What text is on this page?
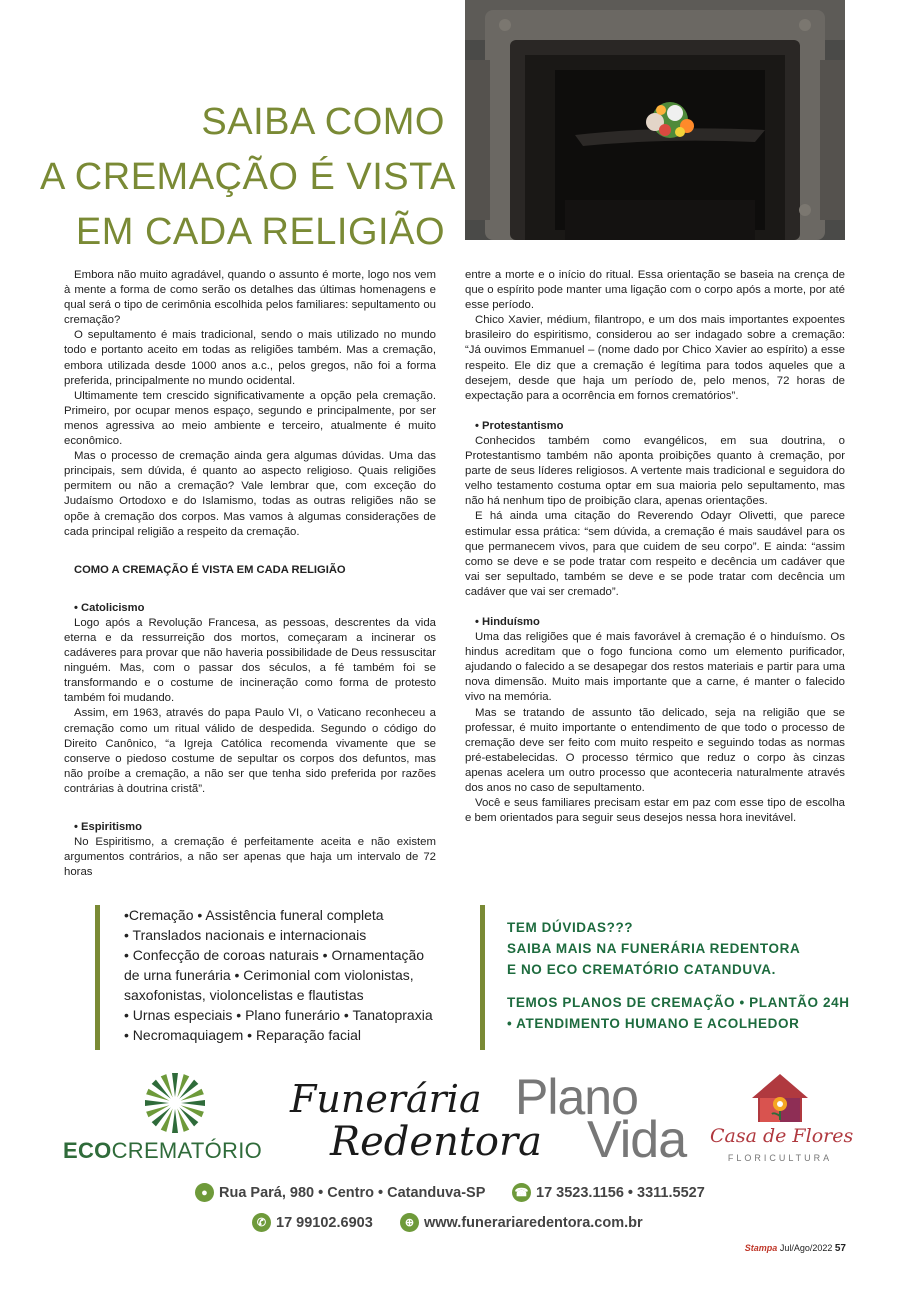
SAIBA COMO
A CREMAÇÃO É VISTA
EM CADA RELIGIÃO

Embora não muito agradável, quando o assunto é morte, logo nos vem à mente a forma de como serão os detalhes das últimas homenagens e qual será o tipo de cerimônia escolhida pelos familiares: sepultamento ou cremação?

O sepultamento é mais tradicional, sendo o mais utilizado no mundo todo e portanto aceito em todas as religiões também. Mas a cremação, embora utilizada desde 1000 anos a.c., pelos gregos, não foi a forma preferida, principalmente no mundo ocidental.

Ultimamente tem crescido significativamente a opção pela cremação. Primeiro, por ocupar menos espaço, segundo e principalmente, por ser menos agressiva ao meio ambiente e terceiro, atualmente é muito econômico.

Mas o processo de cremação ainda gera algumas dúvidas. Uma das principais, sem dúvida, é quanto ao aspecto religioso. Quais religiões permitem ou não a cremação? Vale lembrar que, com exceção do Judaísmo Ortodoxo e do Islamismo, todas as outras religiões não se opõe à cremação dos corpos. Mas vamos à algumas considerações de cada principal religião a respeito da cremação.

COMO A CREMAÇÃO É VISTA EM CADA RELIGIÃO

• Catolicismo

Logo após a Revolução Francesa, as pessoas, descrentes da vida eterna e da ressurreição dos mortos, começaram a incinerar os cadáveres para provar que não haveria possibilidade de Deus ressuscitar ninguém. Mas, com o passar dos séculos, a fé também foi se transformando e o costume de incineração como forma de protesto também foi mudando.

Assim, em 1963, através do papa Paulo VI, o Vaticano reconheceu a cremação como um ritual válido de despedida. Segundo o código do Direito Canônico, “a Igreja Católica recomenda vivamente que se conserve o piedoso costume de sepultar os corpos dos defuntos, mas não proíbe a cremação, a não ser que tenha sido preferida por razões contrárias à doutrina cristã”.

• Espiritismo

No Espiritismo, a cremação é perfeitamente aceita e não existem argumentos contrários, a não ser apenas que haja um intervalo de 72 horas

entre a morte e o início do ritual. Essa orientação se baseia na crença de que o espírito pode manter uma ligação com o corpo após a morte, por até esse período.

Chico Xavier, médium, filantropo, e um dos mais importantes expoentes brasileiro do espiritismo, considerou ao ser indagado sobre a cremação: “Já ouvimos Emmanuel – (nome dado por Chico Xavier ao espírito) a esse respeito. Ele diz que a cremação é legítima para todos aqueles que a desejem, desde que haja um período de, pelo menos, 72 horas de expectação para a ocorrência em fornos crematórios”.

• Protestantismo

Conhecidos também como evangélicos, em sua doutrina, o Protestantismo também não aponta proibições quanto à cremação, por parte de seus líderes religiosos. A vertente mais tradicional e seguidora do velho testamento costuma optar em sua maioria pelo sepultamento, mas não há nenhum tipo de proibição clara, apenas orientações.

E há ainda uma citação do Reverendo Odayr Olivetti, que parece estimular essa prática: “sem dúvida, a cremação é mais saudável para os que permanecem vivos, para que cuidem de seu corpo”. E ainda: “assim como se deve e se pode tratar com respeito e decência um cadáver que vai ser sepultado, também se deve e se pode tratar com decência um cadáver que vai ser cremado”.

• Hinduísmo

Uma das religiões que é mais favorável à cremação é o hinduísmo. Os hindus acreditam que o fogo funciona como um elemento purificador, ajudando o falecido a se desapegar dos restos materiais e partir para uma nova dimensão. Muito mais importante que a carne, é manter o falecido vivo na memória.

Mas se tratando de assunto tão delicado, seja na religião que se professar, é muito importante o entendimento de que todo o processo de cremação deve ser feito com muito respeito e seguindo todas as normas pré-estabelecidas. O processo térmico que reduz o corpo às cinzas apenas acelera um outro processo que aconteceria naturalmente através dos anos no caso de sepultamento.

Você e seus familiares precisam estar em paz com esse tipo de escolha e bem orientados para seguir seus desejos nessa hora inevitável.

•Cremação • Assistência funeral completa
• Translados nacionais e internacionais
• Confecção de coroas naturais • Ornamentação
de urna funerária • Cerimonial com violonistas,
saxofonistas, violoncelistas e flautistas
• Urnas especiais • Plano funerário • Tanatopraxia
• Necromaquiagem • Reparação facial
TEM DÚVIDAS???
SAIBA MAIS NA FUNERÁRIA REDENTORA
E NO ECO CREMATÓRIO CATANDUVA.
TEMOS PLANOS DE CREMAÇÃO • PLANTÃO 24H
• ATENDIMENTO HUMANO E ACOLHEDOR
ECOCREMATÓRIO
Funerária
Redentora
Plano
Vida Casa de Flores
FLORICULTURA
● Rua Pará, 980 • Centro • Catanduva-SP	☎ 17 3523.1156 • 3311.5527
✆ 17 99102.6903	⊕ www.funerariaredentora.com.br
Stampa Jul/Ago/2022 57
